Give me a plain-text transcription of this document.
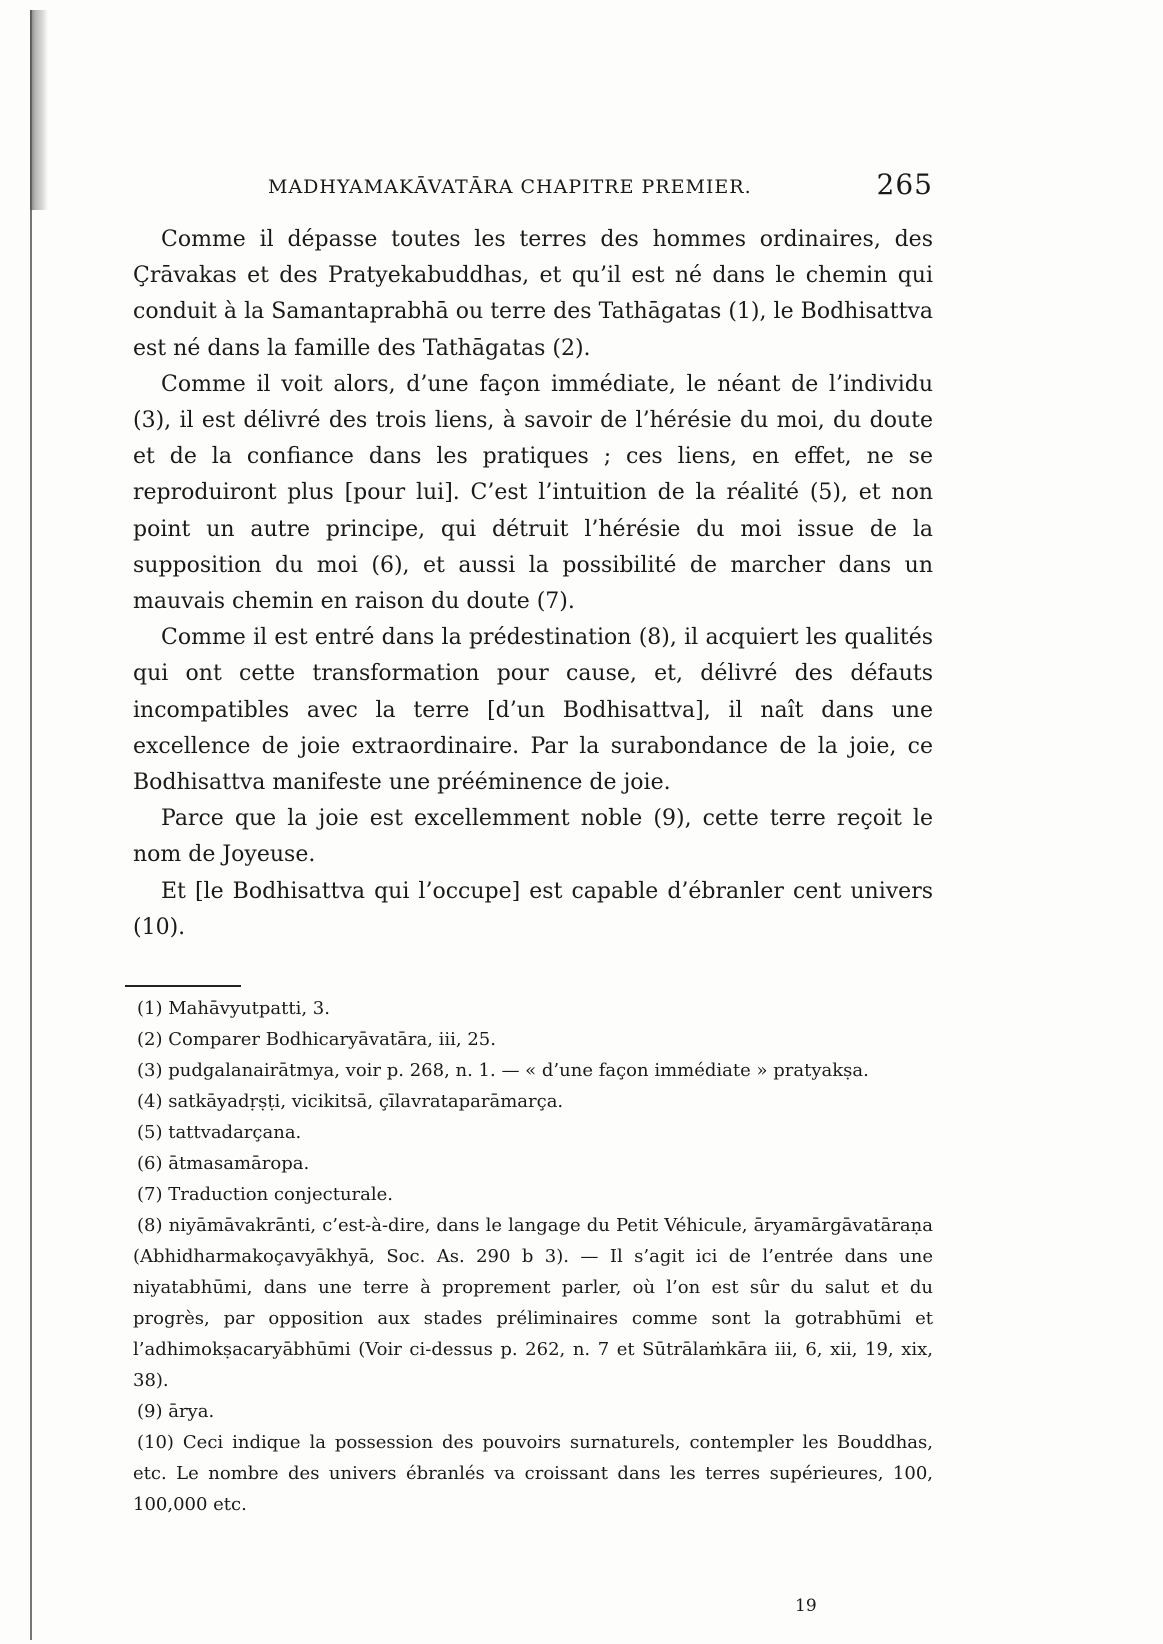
MADHYAMAKĀVATĀRA CHAPITRE PREMIER.	265

Comme il dépasse toutes les terres des hommes ordinaires, des Çrāvakas et des Pratyekabuddhas, et qu’il est né dans le chemin qui conduit à la Samantaprabhā ou terre des Tathāgatas (1), le Bodhisattva est né dans la famille des Tathāgatas (2).

Comme il voit alors, d’une façon immédiate, le néant de l’individu (3), il est délivré des trois liens, à savoir de l’hérésie du moi, du doute et de la confiance dans les pratiques ; ces liens, en effet, ne se reproduiront plus [pour lui]. C’est l’intuition de la réalité (5), et non point un autre principe, qui détruit l’hérésie du moi issue de la supposition du moi (6), et aussi la possibilité de marcher dans un mauvais chemin en raison du doute (7).

Comme il est entré dans la prédestination (8), il acquiert les qualités qui ont cette transformation pour cause, et, délivré des défauts incompatibles avec la terre [d’un Bodhisattva], il naît dans une excellence de joie extraordinaire. Par la surabondance de la joie, ce Bodhisattva manifeste une prééminence de joie.

Parce que la joie est excellemment noble (9), cette terre reçoit le nom de Joyeuse.

Et [le Bodhisattva qui l’occupe] est capable d’ébranler cent univers (10).

(1) Mahāvyutpatti, 3.

(2) Comparer Bodhicaryāvatāra, iii, 25.

(3) pudgalanairātmya, voir p. 268, n. 1. — « d’une façon immédiate » pratyakṣa.

(4) satkāyadṛṣṭi, vicikitsā, çīlavrataparāmarça.

(5) tattvadarçana.

(6) ātmasamāropa.

(7) Traduction conjecturale.

(8) niyāmāvakrānti, c’est-à-dire, dans le langage du Petit Véhicule, āryamārgāvatāraṇa (Abhidharmakoçavyākhyā, Soc. As. 290 b 3). — Il s’agit ici de l’entrée dans une niyatabhūmi, dans une terre à proprement parler, où l’on est sûr du salut et du progrès, par opposition aux stades préliminaires comme sont la gotrabhūmi et l’adhimokṣacaryābhūmi (Voir ci-dessus p. 262, n. 7 et Sūtrālaṁkāra iii, 6, xii, 19, xix, 38).

(9) ārya.

(10) Ceci indique la possession des pouvoirs surnaturels, contempler les Bouddhas, etc. Le nombre des univers ébranlés va croissant dans les terres supérieures, 100, 100,000 etc.

19
